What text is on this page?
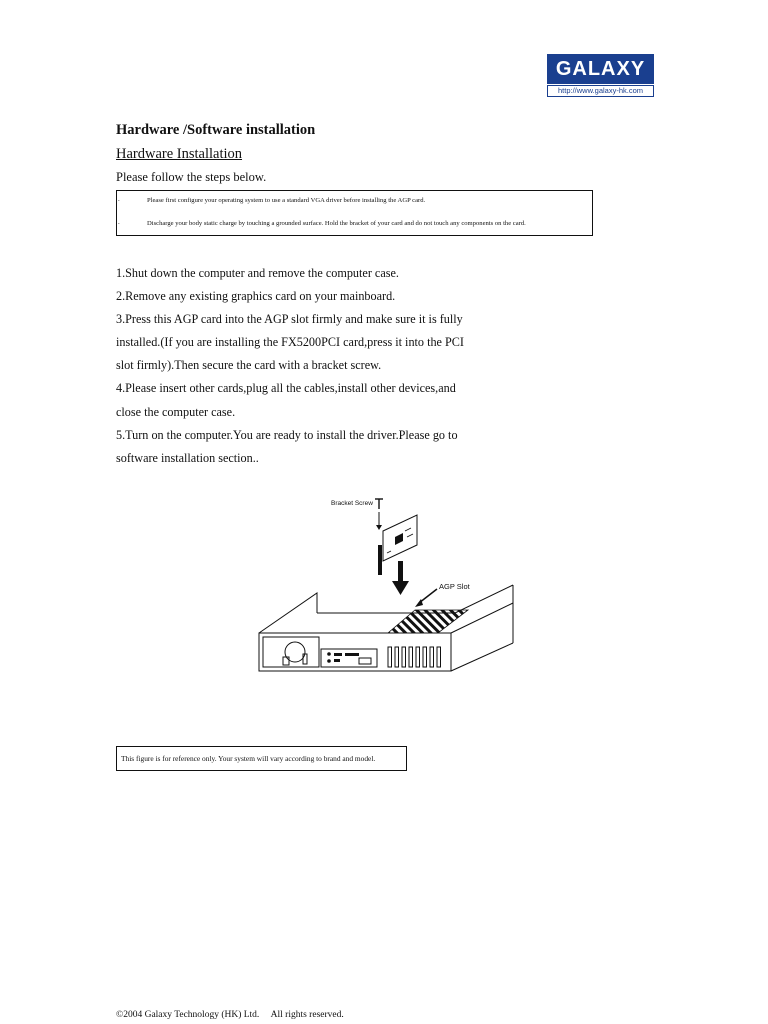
GALAXY
http://www.galaxy-hk.com
Hardware /Software installation
Hardware Installation
Please follow the steps below.
.	Please first configure your operating system to use a standard VGA driver before installing the AGP card.
.	Discharge your body static charge by touching a grounded surface. Hold the bracket of your card and do not touch any components on the card.

1.Shut down the computer and remove the computer case.

2.Remove any existing graphics card on your mainboard.

3.Press this AGP card into the AGP slot firmly and make sure it is fully

installed.(If you are installing the FX5200PCI card,press it into the PCI

slot firmly).Then secure the card with a bracket screw.

4.Please insert other cards,plug all the cables,install other devices,and

close the computer case.

5.Turn on the computer.You are ready to install the driver.Please go to

software installation section..

Bracket Screw
AGP Slot
This figure is for reference only. Your system will vary according to brand and model.
©2004 Galaxy Technology (HK) Ltd.     All rights reserved.
